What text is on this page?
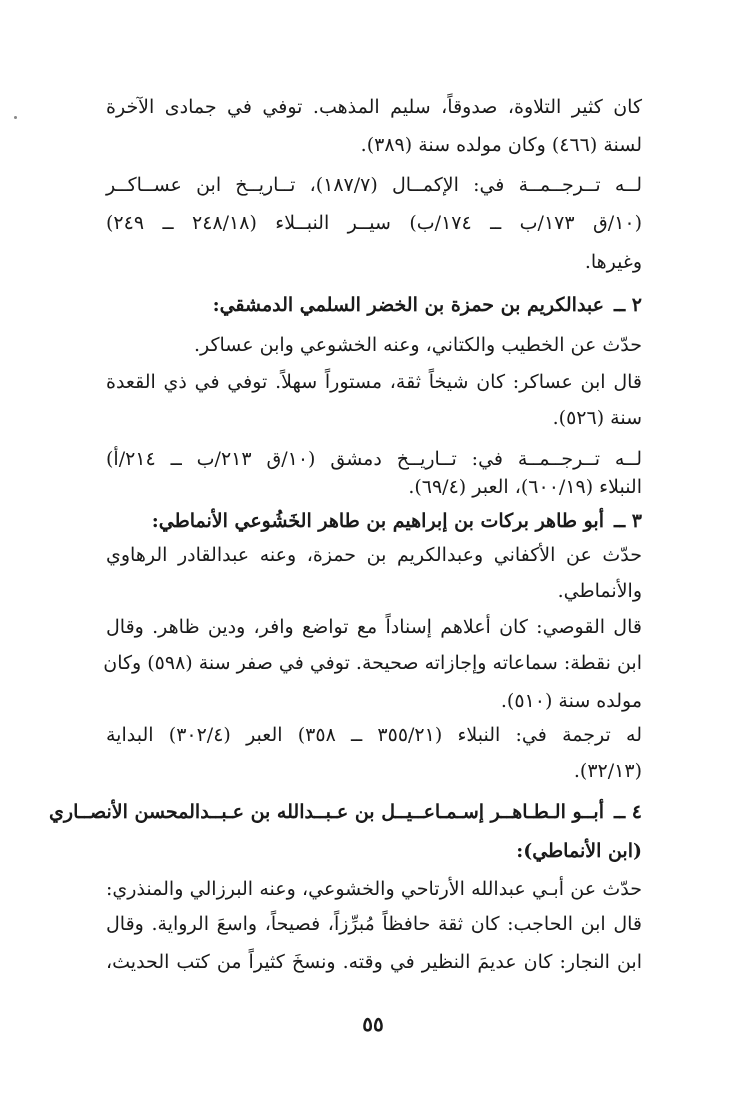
كان كثير التلاوة، صدوقاً، سليم المذهب. توفي في جمادى الآخرة
لسنة (٤٦٦) وكان مولده سنة (٣٨٩).
لــه تــرجــمــة في: الإكمــال (١٨٧/٧)، تــاريــخ ابن عســاكــر
(١٠/ق ١٧٣/ب ــ ١٧٤/ب) سيــر النبــلاء (٢٤٨/١٨ ــ ٢٤٩)
وغيرها.
٢ ــ
عبدالكريم بن حمزة بن الخضر السلمي الدمشقي:
حدّث عن الخطيب والكتاني، وعنه الخشوعي وابن عساكر.
قال ابن عساكر: كان شيخاً ثقة، مستوراً سهلاً. توفي في ذي القعدة
سنة (٥٢٦).
لــه تــرجــمــة في: تــاريــخ دمشق (١٠/ق ٢١٣/ب ــ ٢١٤/أ)
النبلاء (٦٠٠/١٩)، العبر (٦٩/٤).
٣ ــ
أبو طاهر بركات بن إبراهيم بن طاهر الخَشُوعي الأنماطي:
حدّث عن الأكفاني وعبدالكريم بن حمزة، وعنه عبدالقادر الرهاوي
والأنماطي.
قال القوصي: كان أعلاهم إسناداً مع تواضع وافر، ودين ظاهر. وقال
ابن نقطة: سماعاته وإجازاته صحيحة. توفي في صفر سنة (٥٩٨) وكان
مولده سنة (٥١٠).
له ترجمة في: النبلاء (٣٥٥/٢١ ــ ٣٥٨) العبر (٣٠٢/٤) البداية
(٣٢/١٣).
٤ ــ
أبــو الـطـاهــر إسـمـاعــيــل بن عـبــدالله بن عـبــدالمحسن الأنصــاري
(ابن الأنماطي):
حدّث عن أبـي عبدالله الأرتاحي والخشوعي، وعنه البرزالي والمنذري:
قال ابن الحاجب: كان ثقة حافظاً مُبرِّزاً، فصيحاً، واسعَ الرواية. وقال
ابن النجار: كان عديمَ النظير في وقته. ونسخَ كثيراً من كتب الحديث،
٥٥
